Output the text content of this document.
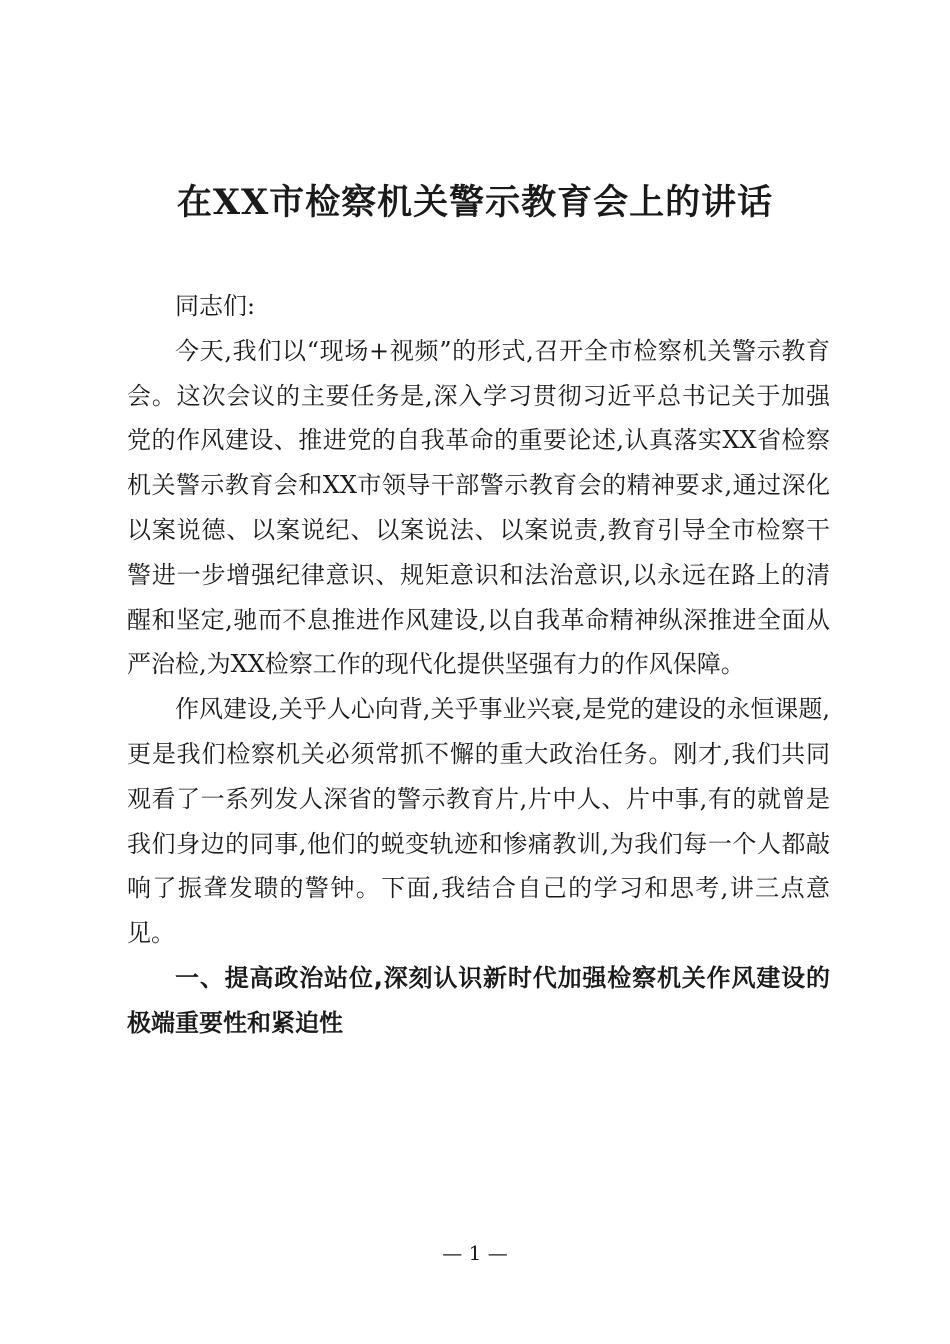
在XX市检察机关警示教育会上的讲话

同志们:

今天,我们以“现场+视频”的形式,召开全市检察机关警示教育会。这次会议的主要任务是,深入学习贯彻习近平总书记关于加强党的作风建设、推进党的自我革命的重要论述,认真落实XX省检察机关警示教育会和XX市领导干部警示教育会的精神要求,通过深化以案说德、以案说纪、以案说法、以案说责,教育引导全市检察干警进一步增强纪律意识、规矩意识和法治意识,以永远在路上的清醒和坚定,驰而不息推进作风建设,以自我革命精神纵深推进全面从严治检,为XX检察工作的现代化提供坚强有力的作风保障。

作风建设,关乎人心向背,关乎事业兴衰,是党的建设的永恒课题,更是我们检察机关必须常抓不懈的重大政治任务。刚才,我们共同观看了一系列发人深省的警示教育片,片中人、片中事,有的就曾是我们身边的同事,他们的蜕变轨迹和惨痛教训,为我们每一个人都敲响了振聋发聩的警钟。下面,我结合自己的学习和思考,讲三点意见。

一、提高政治站位,深刻认识新时代加强检察机关作风建设的极端重要性和紧迫性

— 1 —
